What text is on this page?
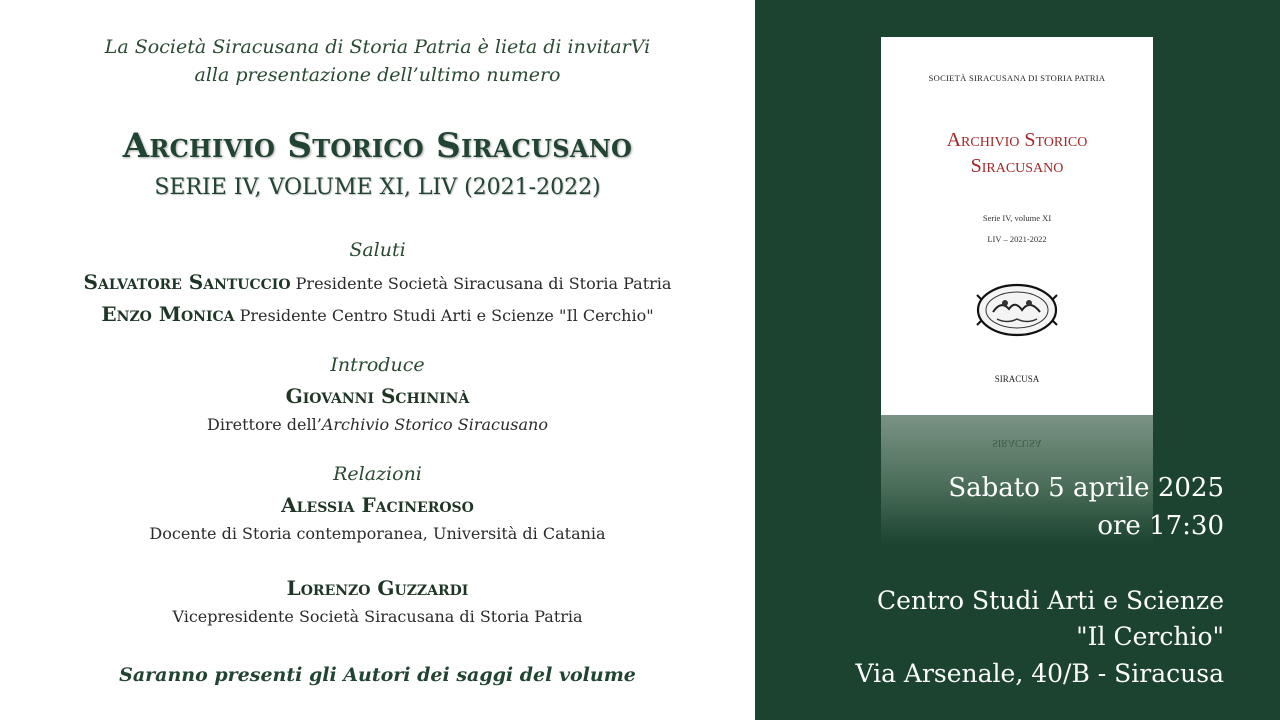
La Società Siracusana di Storia Patria è lieta di invitarVi
alla presentazione dell’ultimo numero
Archivio Storico Siracusano
SERIE IV, VOLUME XI, LIV (2021-2022)
Saluti
Salvatore Santuccio Presidente Società Siracusana di Storia Patria
Enzo Monica Presidente Centro Studi Arti e Scienze "Il Cerchio"
Introduce
Giovanni Schininà
Direttore dell’Archivio Storico Siracusano
Relazioni
Alessia Facineroso
Docente di Storia contemporanea, Università di Catania
Lorenzo Guzzardi
Vicepresidente Società Siracusana di Storia Patria
Saranno presenti gli Autori dei saggi del volume
SOCIETÀ SIRACUSANA DI STORIA PATRIA
Archivio Storico
Siracusano
Serie IV, volume XI
LIV – 2021-2022
SIRACUSA
SIRACUSA
Sabato 5 aprile 2025
ore 17:30
Centro Studi Arti e Scienze
"Il Cerchio"
Via Arsenale, 40/B - Siracusa
